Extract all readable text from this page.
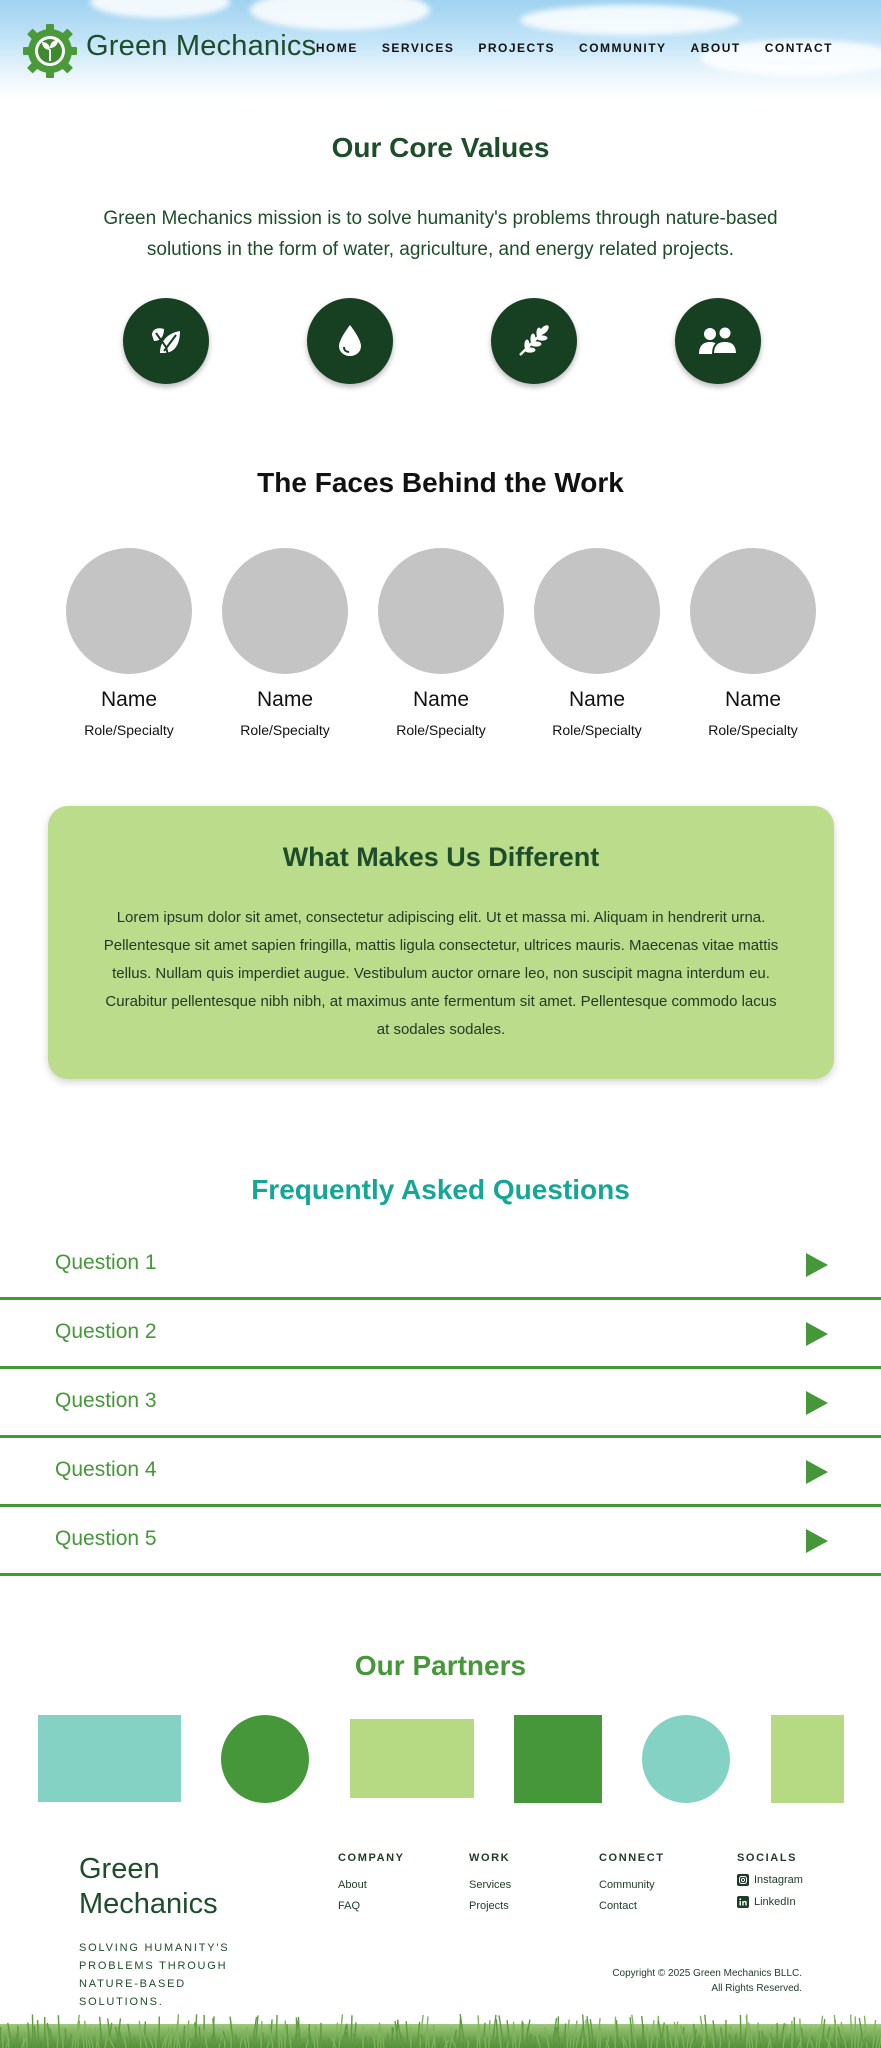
Green Mechanics HOME SERVICES PROJECTS COMMUNITY ABOUT CONTACT
Our Core Values

Green Mechanics mission is to solve humanity's problems through nature-based solutions in the form of water, agriculture, and energy related projects.

The Faces Behind the Work
Name
Role/Specialty
Name
Role/Specialty
Name
Role/Specialty
Name
Role/Specialty
Name
Role/Specialty
What Makes Us Different

Lorem ipsum dolor sit amet, consectetur adipiscing elit. Ut et massa mi. Aliquam in hendrerit urna. Pellentesque sit amet sapien fringilla, mattis ligula consectetur, ultrices mauris. Maecenas vitae mattis tellus. Nullam quis imperdiet augue. Vestibulum auctor ornare leo, non suscipit magna interdum eu. Curabitur pellentesque nibh nibh, at maximus ante fermentum sit amet. Pellentesque commodo lacus at sodales sodales.

Frequently Asked Questions
Question 1
Question 2
Question 3
Question 4
Question 5
Our Partners
Green Mechanics
SOLVING HUMANITY'S PROBLEMS THROUGH NATURE-BASED SOLUTIONS.
COMPANY
About
FAQ
WORK
Services
Projects
CONNECT
Community
Contact
SOCIALS
Instagram
LinkedIn
Copyright © 2025 Green Mechanics BLLC.
All Rights Reserved.
